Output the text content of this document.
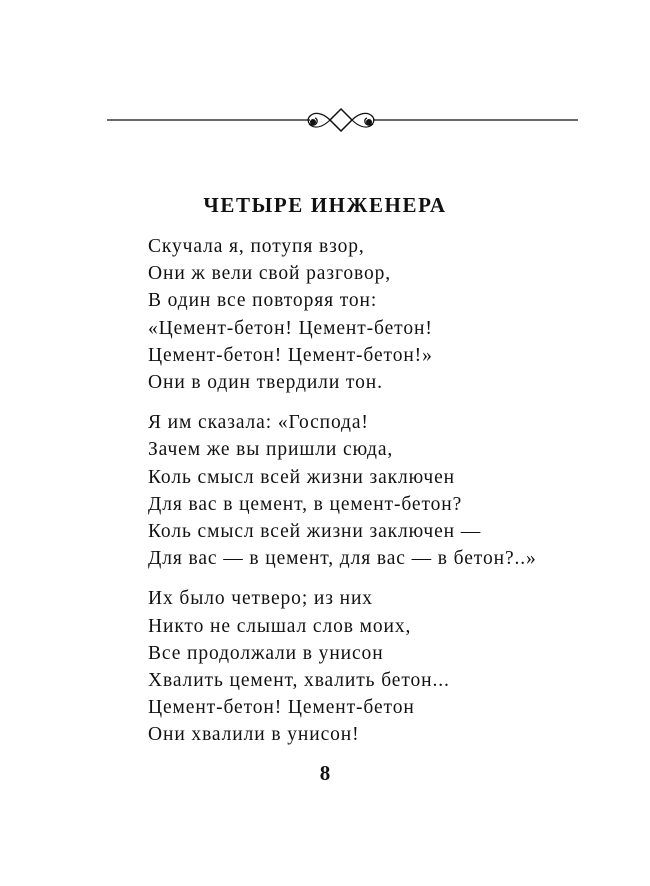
ЧЕТЫРЕ ИНЖЕНЕРА
Скучала я, потупя взор,
Они ж вели свой разговор,
В один все повторяя тон:
«Цемент-бетон! Цемент-бетон!
Цемент-бетон! Цемент-бетон!»
Они в один твердили тон.
Я им сказала: «Господа!
Зачем же вы пришли сюда,
Коль смысл всей жизни заключен
Для вас в цемент, в цемент-бетон?
Коль смысл всей жизни заключен —
Для вас — в цемент, для вас — в бетон?..»
Их было четверо; из них
Никто не слышал слов моих,
Все продолжали в унисон
Хвалить цемент, хвалить бетон...
Цемент-бетон! Цемент-бетон
Они хвалили в унисон!
8
